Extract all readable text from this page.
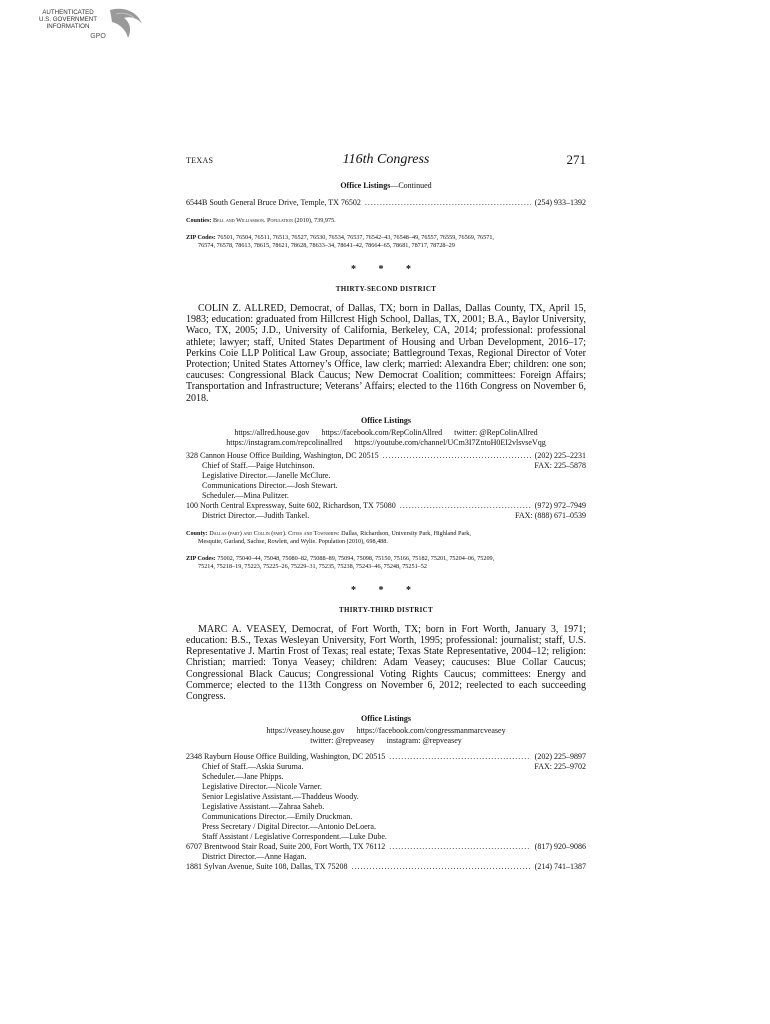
AUTHENTICATED
U.S. GOVERNMENT
INFORMATION
GPO
TEXAS	116th Congress	271
Office Listings—Continued
6544B South General Bruce Drive, Temple, TX 76502 .....	(254) 933–1392
Counties: Bell and Williamson. Population (2010), 739,975.
ZIP Codes: 76501, 76504, 76511, 76513, 76527, 76530, 76534, 76537, 76542–43, 76548–49, 76557, 76559, 76569, 76571,
76574, 76578, 78613, 78615, 78621, 78628, 78633–34, 78641–42, 78664–65, 78681, 78717, 78728–29
* * *
THIRTY-SECOND DISTRICT
COLIN Z. ALLRED, Democrat, of Dallas, TX; born in Dallas, Dallas County, TX, April 15, 1983; education: graduated from Hillcrest High School, Dallas, TX, 2001; B.A., Baylor University, Waco, TX, 2005; J.D., University of California, Berkeley, CA, 2014; professional: professional athlete; lawyer; staff, United States Department of Housing and Urban Development, 2016–17; Perkins Coie LLP Political Law Group, associate; Battleground Texas, Regional Director of Voter Protection; United States Attorney’s Office, law clerk; married: Alexandra Eber; children: one son; caucuses: Congressional Black Caucus; New Democrat Coalition; committees: Foreign Affairs; Transportation and Infrastructure; Veterans’ Affairs; elected to the 116th Congress on November 6, 2018.
Office Listings
https://allred.house.gov https://facebook.com/RepColinAllred twitter: @RepColinAllred
https://instagram.com/repcolinallred https://youtube.com/channel/UCm3I7ZntoH0EI2vlsvseVqg
328 Cannon House Office Building, Washington, DC 20515 .....	(202) 225–2231
Chief of Staff.—Paige Hutchinson.	FAX: 225–5878
Legislative Director.—Janelle McClure.
Communications Director.—Josh Stewart.
Scheduler.—Mina Pulitzer.
100 North Central Expressway, Suite 602, Richardson, TX 75080 .....	(972) 972–7949
District Director.—Judith Tankel.	FAX: (888) 671–0539
County: Dallas (part) and Collin (part). Cities and Townships: Dallas, Richardson, University Park, Highland Park,
Mesquite, Garland, Sachse, Rowlett, and Wylie. Population (2010), 698,488.
ZIP Codes: 75002, 75040–44, 75048, 75080–82, 75088–89, 75094, 75098, 75150, 75166, 75182, 75201, 75204–06, 75209,
75214, 75218–19, 75223, 75225–26, 75229–31, 75235, 75238, 75243–46, 75248, 75251–52
* * *
THIRTY-THIRD DISTRICT
MARC A. VEASEY, Democrat, of Fort Worth, TX; born in Fort Worth, January 3, 1971; education: B.S., Texas Wesleyan University, Fort Worth, 1995; professional: journalist; staff, U.S. Representative J. Martin Frost of Texas; real estate; Texas State Representative, 2004–12; religion: Christian; married: Tonya Veasey; children: Adam Veasey; caucuses: Blue Collar Caucus; Congressional Black Caucus; Congressional Voting Rights Caucus; committees: Energy and Commerce; elected to the 113th Congress on November 6, 2012; reelected to each succeeding Congress.
Office Listings
https://veasey.house.gov https://facebook.com/congressmanmarcveasey
twitter: @repveasey instagram: @repveasey
2348 Rayburn House Office Building, Washington, DC 20515 .....	(202) 225–9897
Chief of Staff.—Askia Suruma.	FAX: 225–9702
Scheduler.—Jane Phipps.
Legislative Director.—Nicole Varner.
Senior Legislative Assistant.—Thaddeus Woody.
Legislative Assistant.—Zahraa Saheb.
Communications Director.—Emily Druckman.
Press Secretary / Digital Director.—Antonio DeLoera.
Staff Assistant / Legislative Correspondent.—Luke Dube.
6707 Brentwood Stair Road, Suite 200, Fort Worth, TX 76112 .....	(817) 920–9086
District Director.—Anne Hagan.
1881 Sylvan Avenue, Suite 108, Dallas, TX 75208 .....	(214) 741–1387
